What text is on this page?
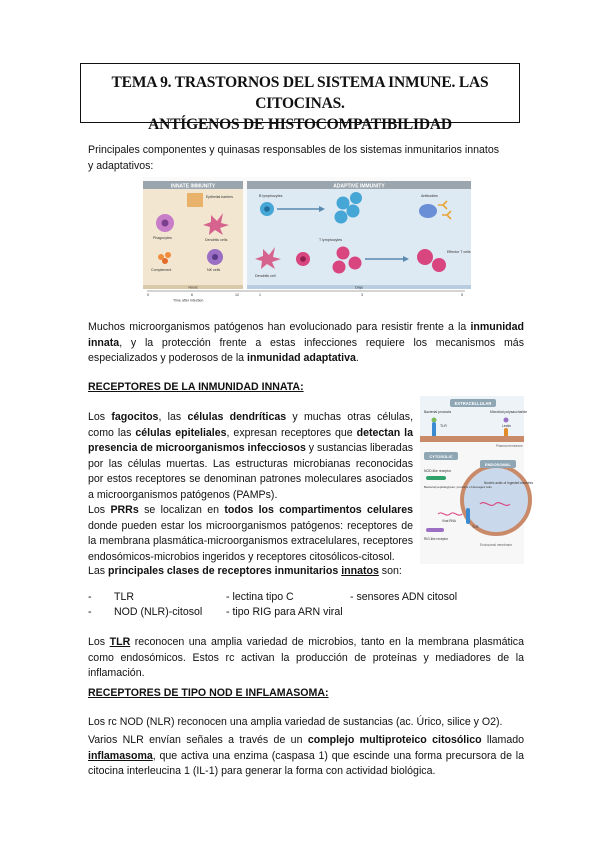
TEMA 9. TRASTORNOS DEL SISTEMA INMUNE. LAS CITOCINAS.
ANTÍGENOS DE HISTOCOMPATIBILIDAD
Principales componentes y quinasas responsables de los sistemas inmunitarios innatos
y adaptativos:
INNATE IMMUNITY	ADAPTIVE IMMUNITY
Epithelial barriers
Phagocytes	Dendritic cells
Complement	NK cells
B lymphocytes	Antibodies
Dendritic cell
T lymphocytes
Effector T cells
Hours	Days
0	6	12	1	3	5
Time after infection
Muchos microorganismos patógenos han evolucionado para resistir frente a la inmunidad innata, y la protección frente a estas infecciones requiere los mecanismos más especializados y poderosos de la inmunidad adaptativa.
RECEPTORES DE LA INMUNIDAD INNATA:
Los fagocitos, las células dendríticas y muchas otras células, como las células epiteliales, expresan receptores que detectan la presencia de microorganismos infecciosos y sustancias liberadas por las células muertas. Las estructuras microbianas reconocidas por estos receptores se denominan patrones moleculares asociados a microorganismos patógenos (PAMPs).
Los PRRs se localizan en todos los compartimentos celulares donde pueden estar los microorganismos patógenos: receptores de la membrana plasmática-microorganismos extracelulares, receptores endosómicos-microbios ingeridos y receptores citosólicos-citosol.
Las principales clases de receptores inmunitarios innatos son:
EXTRACELLULAR
Bacterial products	Microbial polysaccharide
TLR	Lectin
Plasma membrane
CYTOSOLIC
ENDOSOMAL
NOD-like receptor
Bacterial peptidoglycan; products of damaged cells
Nucleic acids of ingested microbes
TLR
Viral RNA
RIG-like receptor
Endosomal membrane
- TLR	- lectina tipo C	- sensores ADN citosol
- NOD (NLR)-citosol - tipo RIG para ARN viral
Los TLR reconocen una amplia variedad de microbios, tanto en la membrana plasmática como endosómicos. Estos rc activan la producción de proteínas y mediadores de la inflamación.
RECEPTORES DE TIPO NOD E INFLAMASOMA:
Los rc NOD (NLR) reconocen una amplia variedad de sustancias (ac. Úrico, silice y O2).
Varios NLR envían señales a través de un complejo multiproteico citosólico llamado inflamasoma, que activa una enzima (caspasa 1) que escinde una forma precursora de la citocina interleucina 1 (IL-1) para generar la forma con actividad biológica.
